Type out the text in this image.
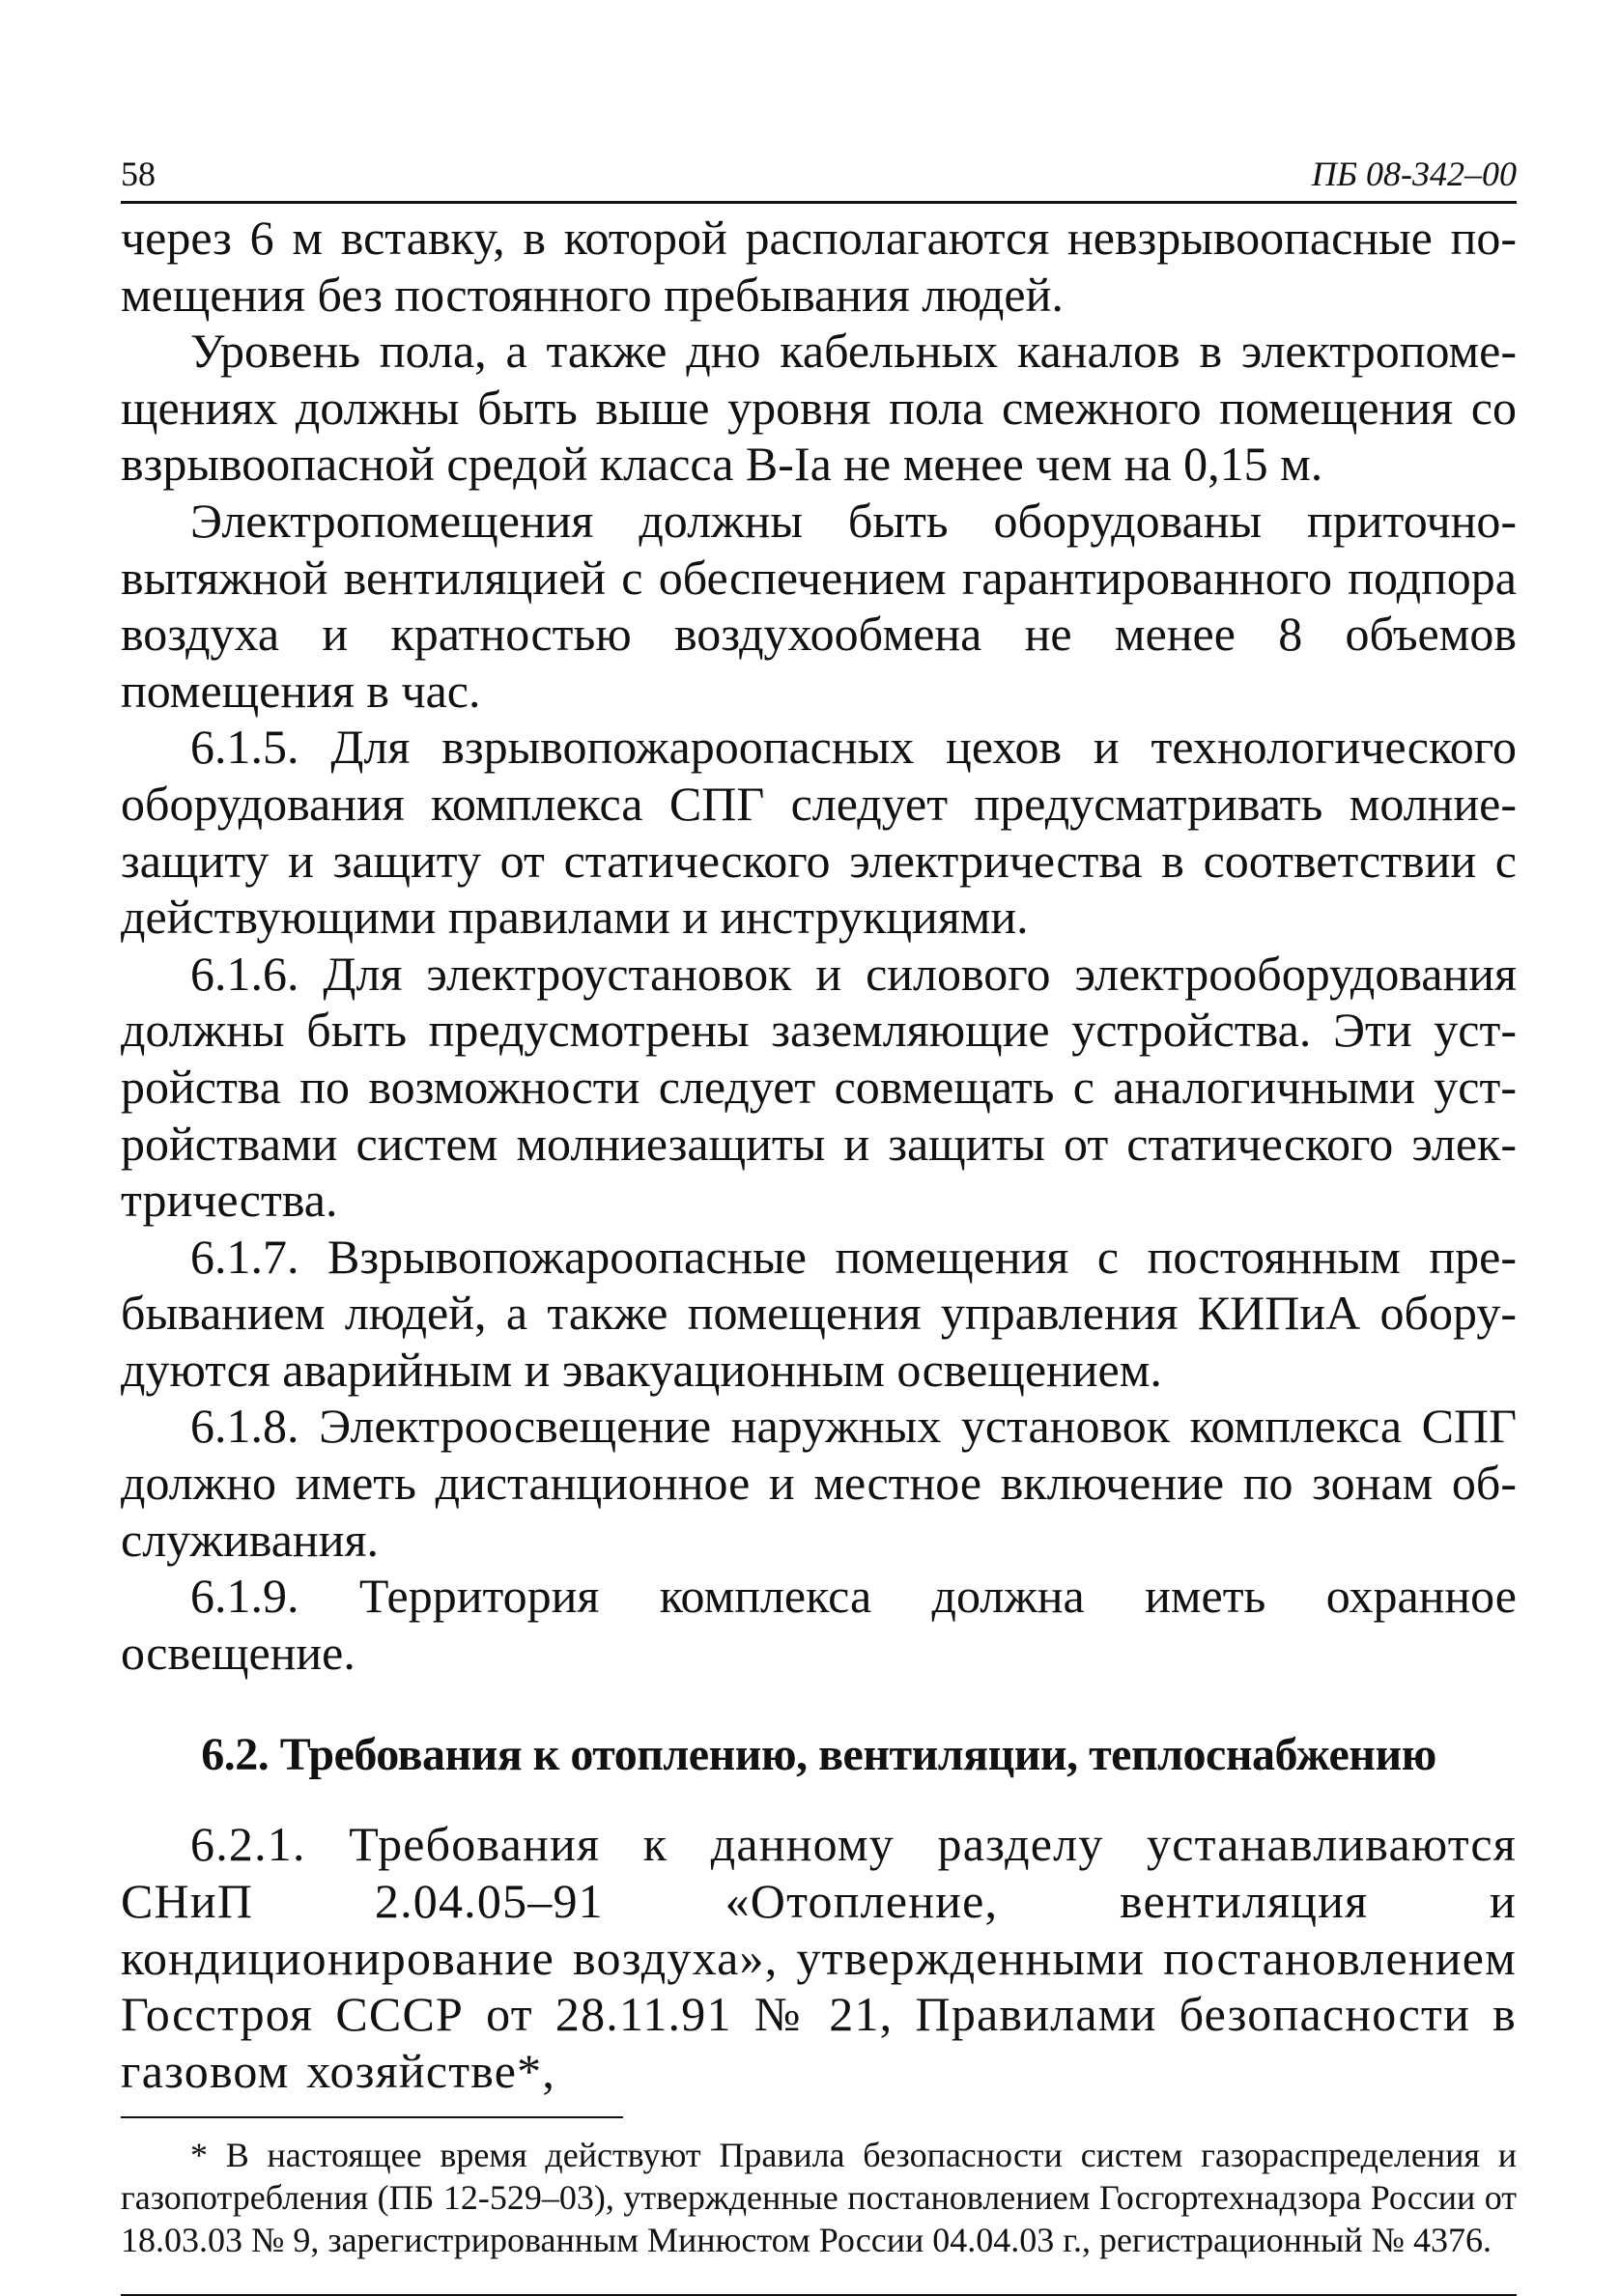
58	ПБ 08-342–00

через 6 м вставку, в которой располагаются невзрывоопасные помещения без постоянного пребывания людей.

Уровень пола, а также дно кабельных каналов в электропомещениях должны быть выше уровня пола смежного помещения со взрывоопасной средой класса В-Iа не менее чем на 0,15 м.

Электропомещения должны быть оборудованы приточно-вытяжной вентиляцией с обеспечением гарантированного подпора воздуха и кратностью воздухообмена не менее 8 объемов помещения в час.

6.1.5. Для взрывопожароопасных цехов и технологического оборудования комплекса СПГ следует предусматривать молниезащиту и защиту от статического электричества в соответствии с действующими правилами и инструкциями.

6.1.6. Для электроустановок и силового электрооборудования должны быть предусмотрены заземляющие устройства. Эти устройства по возможности следует совмещать с аналогичными устройствами систем молниезащиты и защиты от статического электричества.

6.1.7. Взрывопожароопасные помещения с постоянным пребыванием людей, а также помещения управления КИПиА оборудуются аварийным и эвакуационным освещением.

6.1.8. Электроосвещение наружных установок комплекса СПГ должно иметь дистанционное и местное включение по зонам обслуживания.

6.1.9. Территория комплекса должна иметь охранное освещение.

6.2. Требования к отоплению, вентиляции, теплоснабжению

6.2.1. Требования к данному разделу устанавливаются СНиП 2.04.05–91 «Отопление, вентиляция и кондиционирование воздуха», утвержденными постановлением Госстроя СССР от 28.11.91 № 21, Правилами безопасности в газовом хозяйстве*,

* В настоящее время действуют Правила безопасности систем газораспределения и газопотребления (ПБ 12-529–03), утвержденные постановлением Госгортехнадзора России от 18.03.03 № 9, зарегистрированным Минюстом России 04.04.03 г., регистрационный № 4376.
